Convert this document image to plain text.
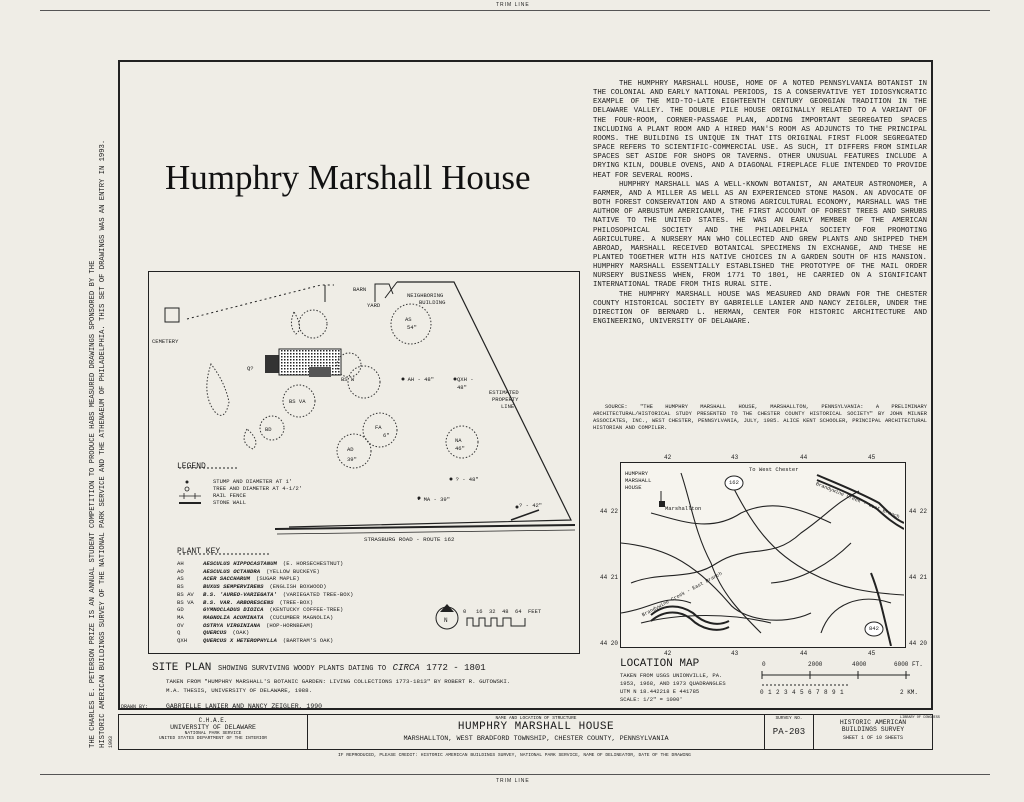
TRIM LINE
TRIM LINE
THE CHARLES E. PETERSON PRIZE IS AN ANNUAL STUDENT COMPETITION TO PRODUCE HABS MEASURED DRAWINGS SPONSORED BY THE HISTORIC AMERICAN BUILDINGS SURVEY OF THE NATIONAL PARK SERVICE AND THE ATHENAEUM OF PHILADELPHIA. THIS SET OF DRAWINGS WAS AN ENTRY IN 1993. 1993
Humphry Marshall House

THE HUMPHRY MARSHALL HOUSE, HOME OF A NOTED PENNSYLVANIA BOTANIST IN THE COLONIAL AND EARLY NATIONAL PERIODS, IS A CONSERVATIVE YET IDIOSYNCRATIC EXAMPLE OF THE MID-TO-LATE EIGHTEENTH CENTURY GEORGIAN TRADITION IN THE DELAWARE VALLEY. THE DOUBLE PILE HOUSE ORIGINALLY RELATED TO A VARIANT OF THE FOUR-ROOM, CORNER-PASSAGE PLAN, ADDING IMPORTANT SEGREGATED SPACES INCLUDING A PLANT ROOM AND A HIRED MAN'S ROOM AS ADJUNCTS TO THE PRINCIPAL ROOMS. THE BUILDING IS UNIQUE IN THAT ITS ORIGINAL FIRST FLOOR SEGREGATED SPACE REFERS TO SCIENTIFIC-COMMERCIAL USE. AS SUCH, IT DIFFERS FROM SIMILAR SPACES SET ASIDE FOR SHOPS OR TAVERNS. OTHER UNUSUAL FEATURES INCLUDE A DRYING KILN, DOUBLE OVENS, AND A DIAGONAL FIREPLACE FLUE INTENDED TO PROVIDE HEAT FOR SEVERAL ROOMS.

HUMPHRY MARSHALL WAS A WELL-KNOWN BOTANIST, AN AMATEUR ASTRONOMER, A FARMER, AND A MILLER AS WELL AS AN EXPERIENCED STONE MASON. AN ADVOCATE OF BOTH FOREST CONSERVATION AND A STRONG AGRICULTURAL ECONOMY, MARSHALL WAS THE AUTHOR OF ARBUSTUM AMERICANUM, THE FIRST ACCOUNT OF FOREST TREES AND SHRUBS NATIVE TO THE UNITED STATES. HE WAS AN EARLY MEMBER OF THE AMERICAN PHILOSOPHICAL SOCIETY AND THE PHILADELPHIA SOCIETY FOR PROMOTING AGRICULTURE. A NURSERY MAN WHO COLLECTED AND GREW PLANTS AND SHIPPED THEM ABROAD, MARSHALL RECEIVED BOTANICAL SPECIMENS IN EXCHANGE, AND THESE HE PLANTED TOGETHER WITH HIS NATIVE CHOICES IN A GARDEN SOUTH OF HIS MANSION. HUMPHRY MARSHALL ESSENTIALLY ESTABLISHED THE PROTOTYPE OF THE MAIL ORDER NURSERY BUSINESS WHEN, FROM 1771 TO 1801, HE CARRIED ON A SIGNIFICANT INTERNATIONAL TRADE FROM THIS RURAL SITE.

THE HUMPHRY MARSHALL HOUSE WAS MEASURED AND DRAWN FOR THE CHESTER COUNTY HISTORICAL SOCIETY BY GABRIELLE LANIER AND NANCY ZEIGLER, UNDER THE DIRECTION OF BERNARD L. HERMAN, CENTER FOR HISTORIC ARCHITECTURE AND ENGINEERING, UNIVERSITY OF DELAWARE.

SOURCE: "THE HUMPHRY MARSHALL HOUSE, MARSHALLTON, PENNSYLVANIA: A PRELIMINARY ARCHITECTURAL/HISTORICAL STUDY PRESENTED TO THE CHESTER COUNTY HISTORICAL SOCIETY" BY JOHN MILNER ASSOCIATES, INC., WEST CHESTER, PENNSYLVANIA, JULY, 1985. ALICE KENT SCHOOLER, PRINCIPAL ARCHITECTURAL HISTORIAN AND COMPILER.

BARN
YARD
NEIGHBORING
BUILDING
CEMETERY
ESTIMATED
PROPERTY
LINE
STRASBURG ROAD - ROUTE 162
AS
54"
• AH - 48"	QXH -
48"
BS W
BS VA
BD	FA
6"
AD
39"
NA
46"
Q?
• ? - 48"
• MA - 39"
? - 42"
LEGEND
STUMP AND DIAMETER AT 1'
TREE AND DIAMETER AT 4-1/2'
RAIL FENCE
STONE WALL
PLANT KEY
AH	AESCULUS HIPPOCASTANUM (E. HORSECHESTNUT)
AO	AESCULUS OCTANDRA (YELLOW BUCKEYE)
AS	ACER SACCHARUM (SUGAR MAPLE)
BS	BUXUS SEMPERVIRENS (ENGLISH BOXWOOD)
BS AV	B.S. 'AUREO-VARIEGATA' (VARIEGATED TREE-BOX)
BS VA	B.S. VAR. ARBORESCENS (TREE-BOX)
GD	GYMNOCLADUS DIOICA (KENTUCKY COFFEE-TREE)
MA	MAGNOLIA ACUMINATA (CUCUMBER MAGNOLIA)
OV	OSTRYA VIRGINIANA (HOP-HORNBEAM)
Q	QUERCUS (OAK)
QXH	QUERCUS X HETEROPHYLLA (BARTRAM'S OAK)
N
0 16 32 48 64 FEET
SITE PLAN SHOWING SURVIVING WOODY PLANTS DATING TO CIRCA 1772 - 1801
TAKEN FROM "HUMPHRY MARSHALL'S BOTANIC GARDEN: LIVING COLLECTIONS 1773-1813" BY ROBERT R. GUTOWSKI.
M.A. THESIS, UNIVERSITY OF DELAWARE, 1988.
HUMPHRY
MARSHALL
HOUSE
Marshallton
To West Chester
162
842
Brandywine Creek - West Branch
Brandywine Creek - East Branch
42	43	44	45
42	43	44	45
44 22
44 21
44 20
44 22
44 21
44 20
LOCATION MAP
TAKEN FROM USGS UNIONVILLE, PA.
1953, 1968, AND 1973 QUADRANGLES
UTM N 18.442218 E 441785
SCALE: 1/2" = 1000'
0	2000	4000	6000 FT.
0 1 2 3 4 5 6 7 8 9 1	2 KM.
DRAWN BY:	GABRIELLE LANIER AND NANCY ZEIGLER, 1990
C.H.A.E.
UNIVERSITY OF DELAWARE
NATIONAL PARK SERVICE
UNITED STATES DEPARTMENT OF THE INTERIOR
NAME AND LOCATION OF STRUCTURE
HUMPHRY MARSHALL HOUSE
MARSHALLTON, WEST BRADFORD TOWNSHIP, CHESTER COUNTY, PENNSYLVANIA
SURVEY NO.
PA-203
HISTORIC AMERICAN
BUILDINGS SURVEY
SHEET 1 OF 10 SHEETS
LIBRARY OF CONGRESS
IF REPRODUCED, PLEASE CREDIT: HISTORIC AMERICAN BUILDINGS SURVEY, NATIONAL PARK SERVICE, NAME OF DELINEATOR, DATE OF THE DRAWING
